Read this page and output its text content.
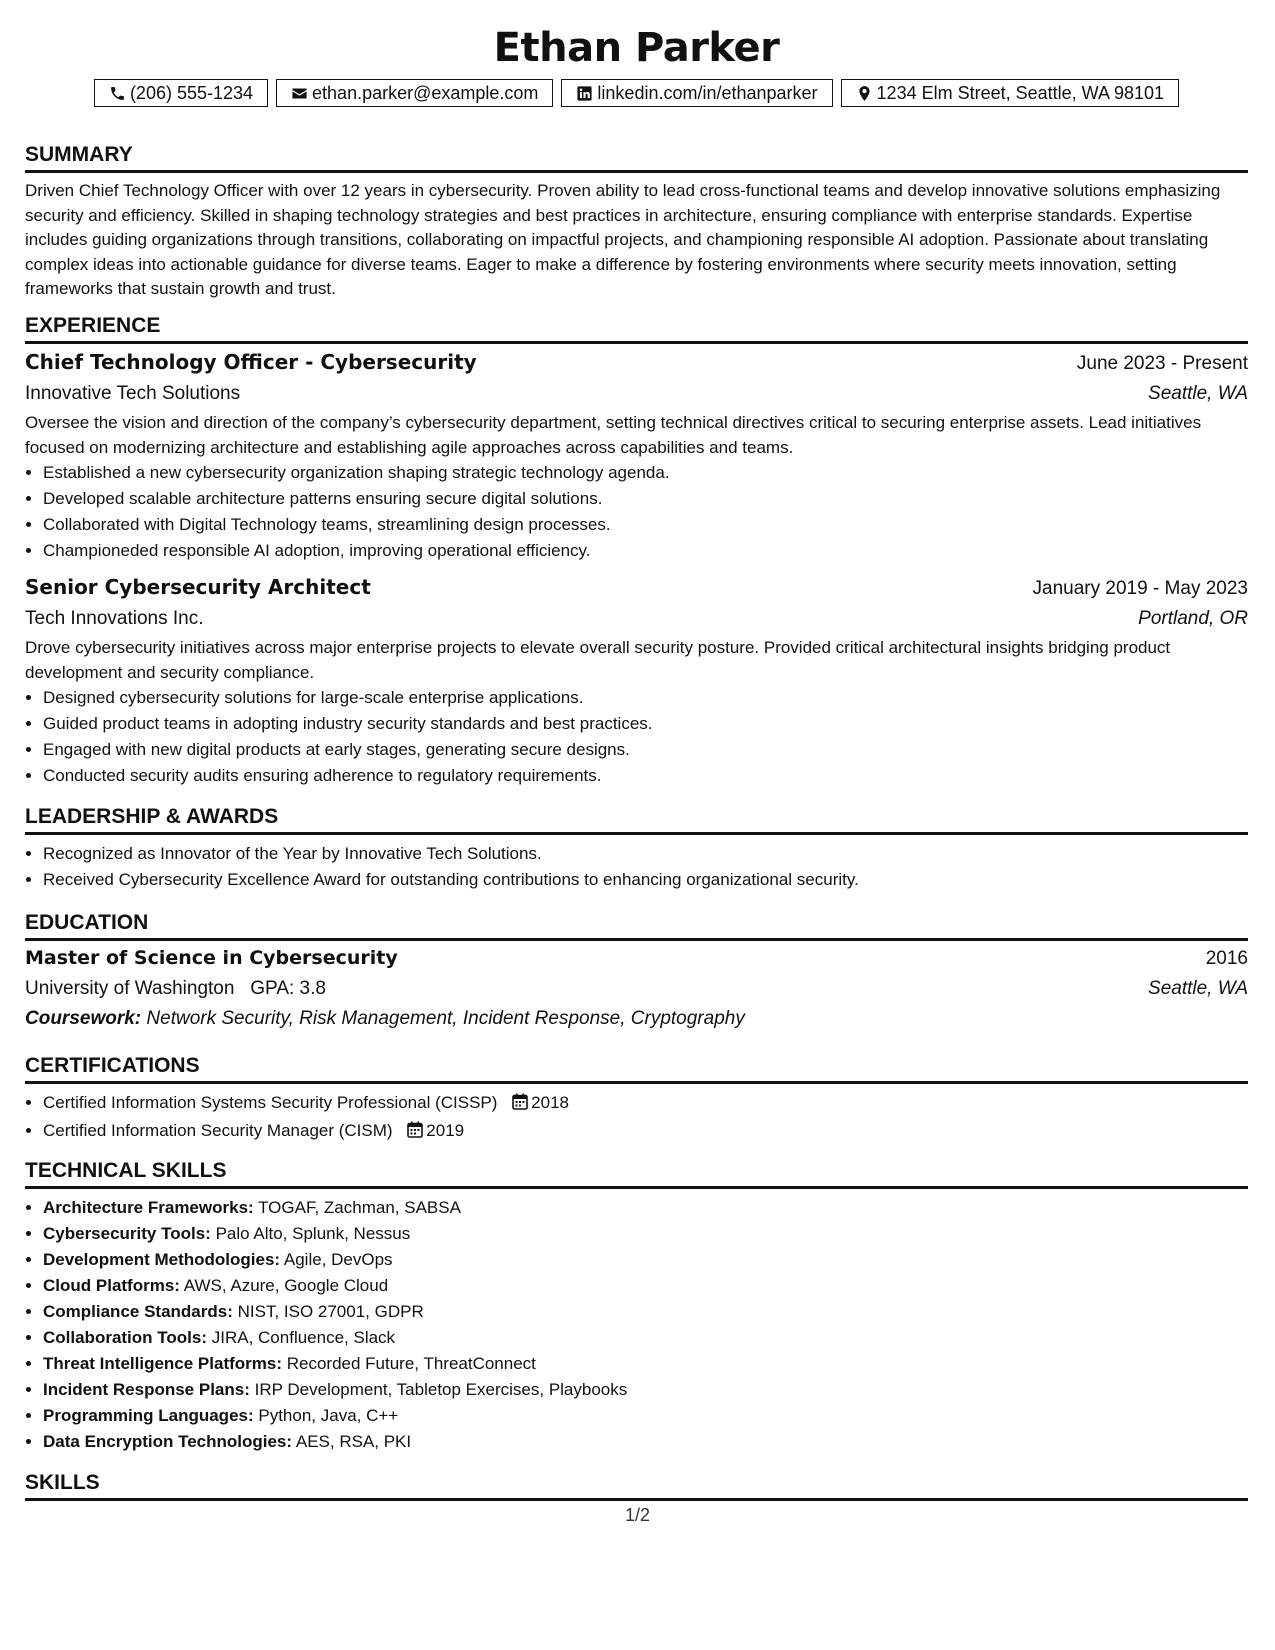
Ethan Parker
(206) 555-1234	ethan.parker@example.com	linkedin.com/in/ethanparker	1234 Elm Street, Seattle, WA 98101
SUMMARY

Driven Chief Technology Officer with over 12 years in cybersecurity. Proven ability to lead cross-functional teams and develop innovative solutions emphasizing security and efficiency. Skilled in shaping technology strategies and best practices in architecture, ensuring compliance with enterprise standards. Expertise includes guiding organizations through transitions, collaborating on impactful projects, and championing responsible AI adoption. Passionate about translating complex ideas into actionable guidance for diverse teams. Eager to make a difference by fostering environments where security meets innovation, setting frameworks that sustain growth and trust.

EXPERIENCE
Chief Technology Officer - Cybersecurity	June 2023 - Present
Innovative Tech Solutions	Seattle, WA

Oversee the vision and direction of the company’s cybersecurity department, setting technical directives critical to securing enterprise assets. Lead initiatives focused on modernizing architecture and establishing agile approaches across capabilities and teams.

• Established a new cybersecurity organization shaping strategic technology agenda.
• Developed scalable architecture patterns ensuring secure digital solutions.
• Collaborated with Digital Technology teams, streamlining design processes.
• Championeded responsible AI adoption, improving operational efficiency.
Senior Cybersecurity Architect	January 2019 - May 2023
Tech Innovations Inc.	Portland, OR

Drove cybersecurity initiatives across major enterprise projects to elevate overall security posture. Provided critical architectural insights bridging product development and security compliance.

• Designed cybersecurity solutions for large-scale enterprise applications.
• Guided product teams in adopting industry security standards and best practices.
• Engaged with new digital products at early stages, generating secure designs.
• Conducted security audits ensuring adherence to regulatory requirements.
LEADERSHIP & AWARDS
• Recognized as Innovator of the Year by Innovative Tech Solutions.
• Received Cybersecurity Excellence Award for outstanding contributions to enhancing organizational security.
EDUCATION
Master of Science in Cybersecurity	2016
University of Washington GPA: 3.8	Seattle, WA
Coursework: Network Security, Risk Management, Incident Response, Cryptography
CERTIFICATIONS
• Certified Information Systems Security Professional (CISSP) 2018
• Certified Information Security Manager (CISM) 2019
TECHNICAL SKILLS
• Architecture Frameworks: TOGAF, Zachman, SABSA
• Cybersecurity Tools: Palo Alto, Splunk, Nessus
• Development Methodologies: Agile, DevOps
• Cloud Platforms: AWS, Azure, Google Cloud
• Compliance Standards: NIST, ISO 27001, GDPR
• Collaboration Tools: JIRA, Confluence, Slack
• Threat Intelligence Platforms: Recorded Future, ThreatConnect
• Incident Response Plans: IRP Development, Tabletop Exercises, Playbooks
• Programming Languages: Python, Java, C++
• Data Encryption Technologies: AES, RSA, PKI
SKILLS
1/2
